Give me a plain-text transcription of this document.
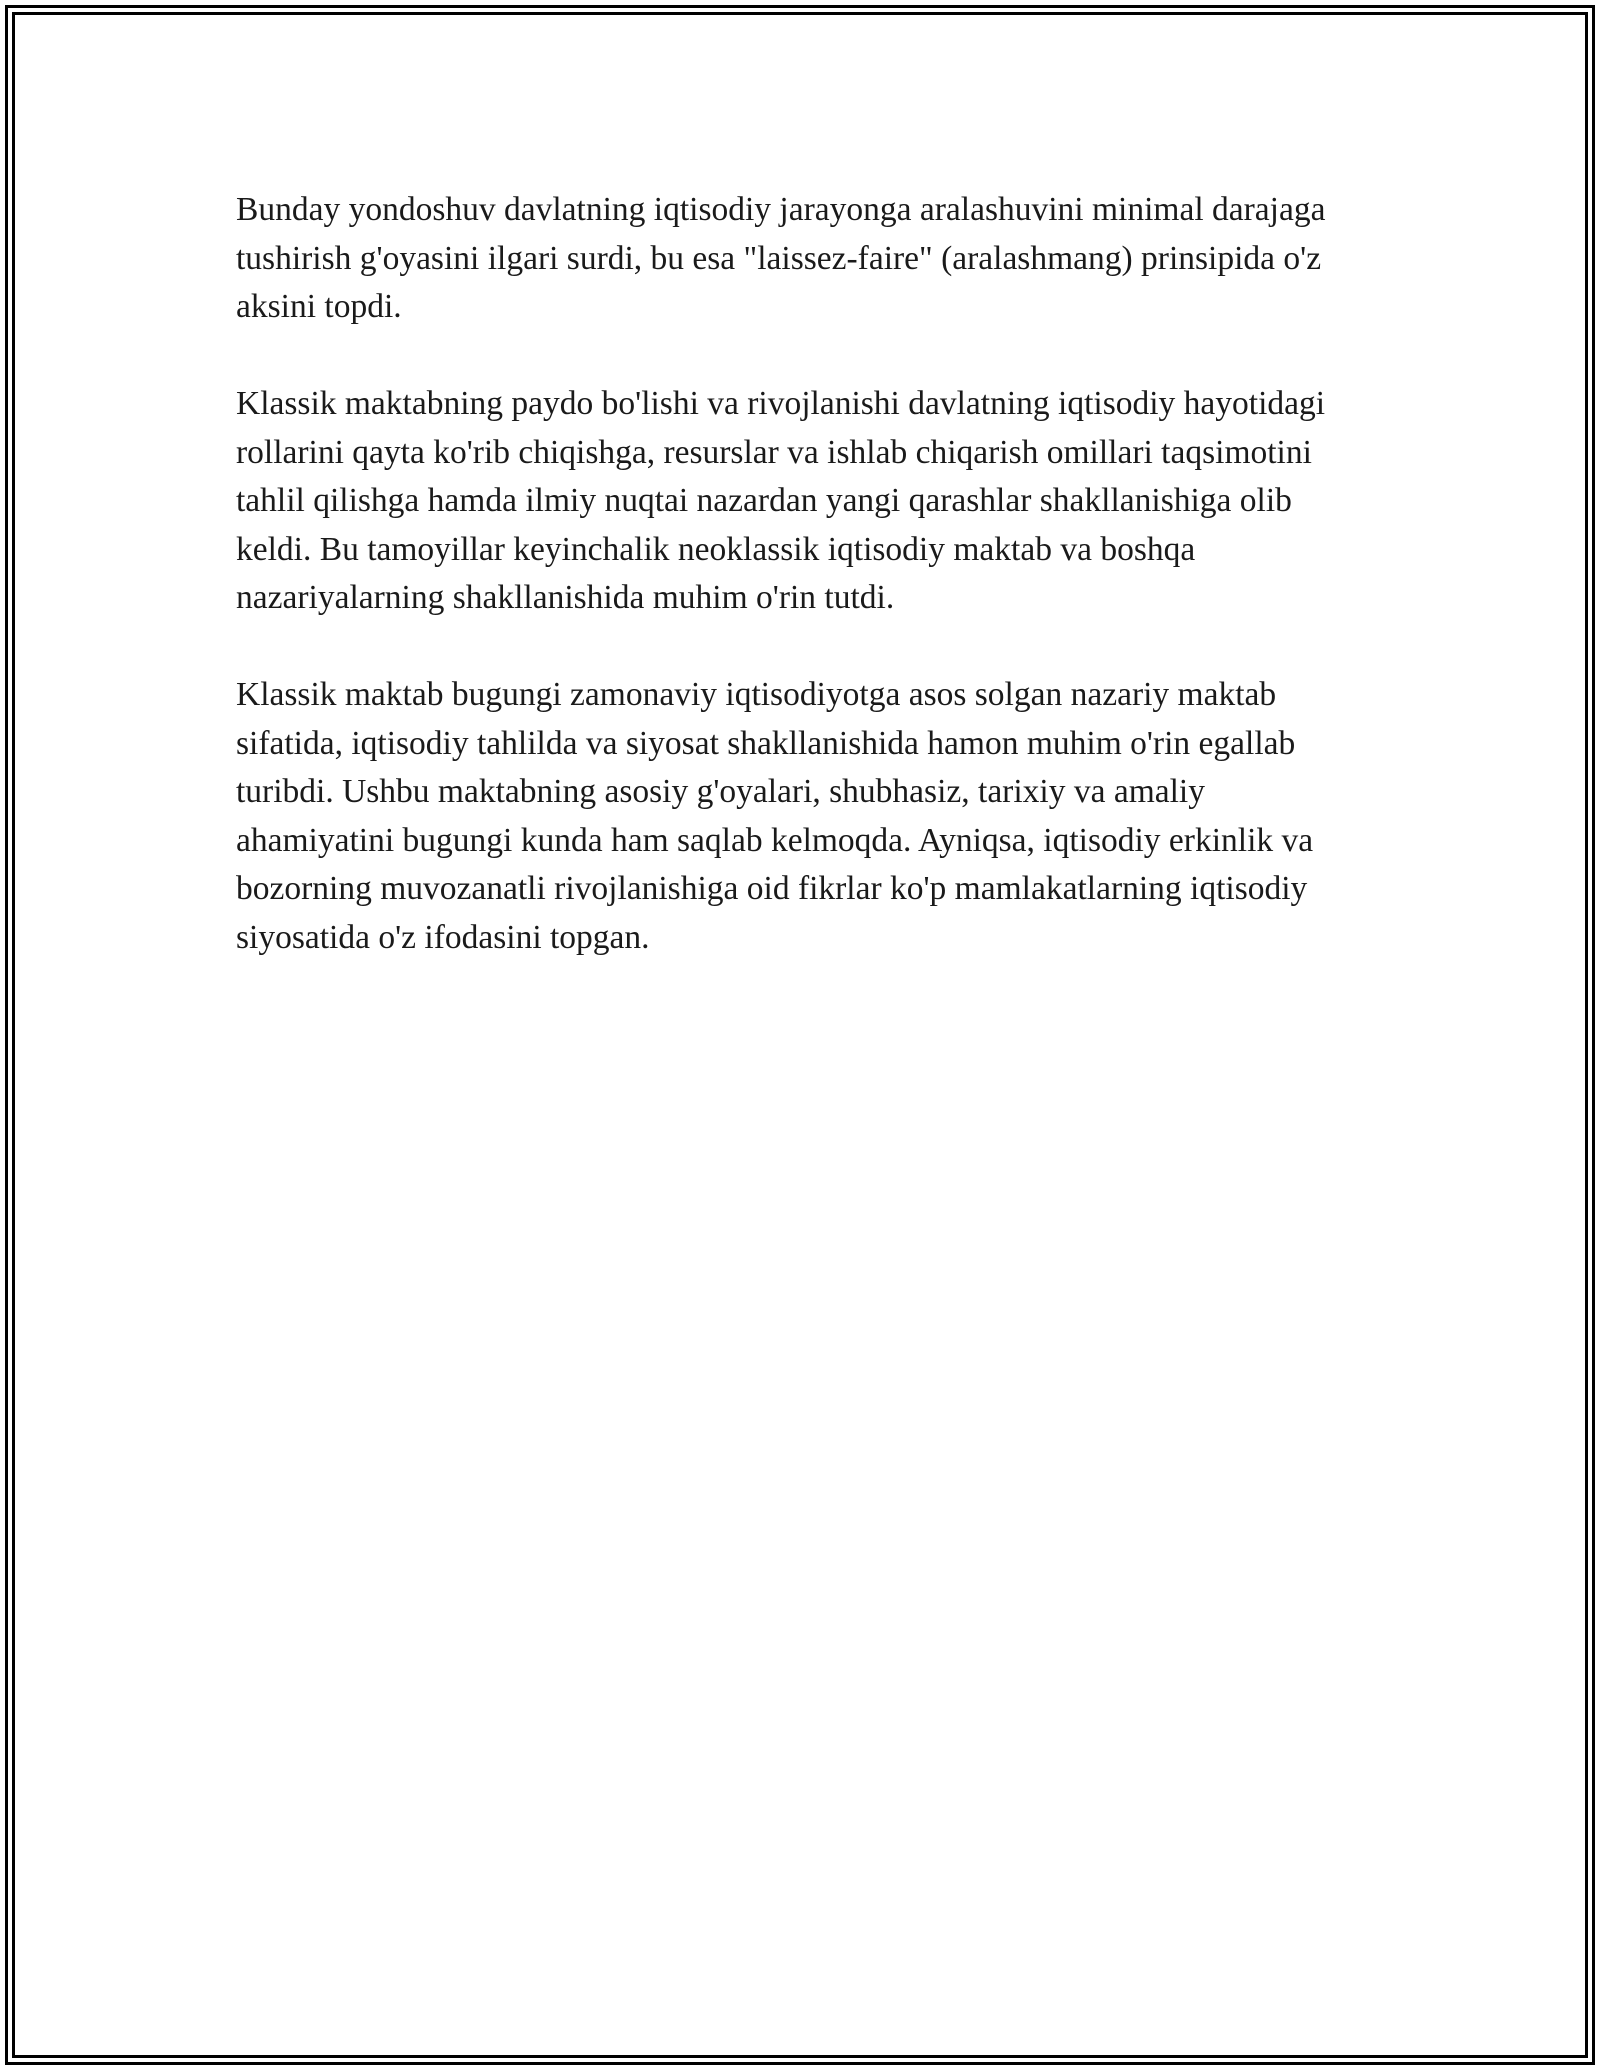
Bunday yondoshuv davlatning iqtisodiy jarayonga aralashuvini minimal darajaga tushirish g'oyasini ilgari surdi, bu esa "laissez-faire" (aralashmang) prinsipida o'z aksini topdi.

Klassik maktabning paydo bo'lishi va rivojlanishi davlatning iqtisodiy hayotidagi rollarini qayta ko'rib chiqishga, resurslar va ishlab chiqarish omillari taqsimotini tahlil qilishga hamda ilmiy nuqtai nazardan yangi qarashlar shakllanishiga olib keldi. Bu tamoyillar keyinchalik neoklassik iqtisodiy maktab va boshqa nazariyalarning shakllanishida muhim o'rin tutdi.

Klassik maktab bugungi zamonaviy iqtisodiyotga asos solgan nazariy maktab sifatida, iqtisodiy tahlilda va siyosat shakllanishida hamon muhim o'rin egallab turibdi. Ushbu maktabning asosiy g'oyalari, shubhasiz, tarixiy va amaliy ahamiyatini bugungi kunda ham saqlab kelmoqda. Ayniqsa, iqtisodiy erkinlik va bozorning muvozanatli rivojlanishiga oid fikrlar ko'p mamlakatlarning iqtisodiy siyosatida o'z ifodasini topgan.
